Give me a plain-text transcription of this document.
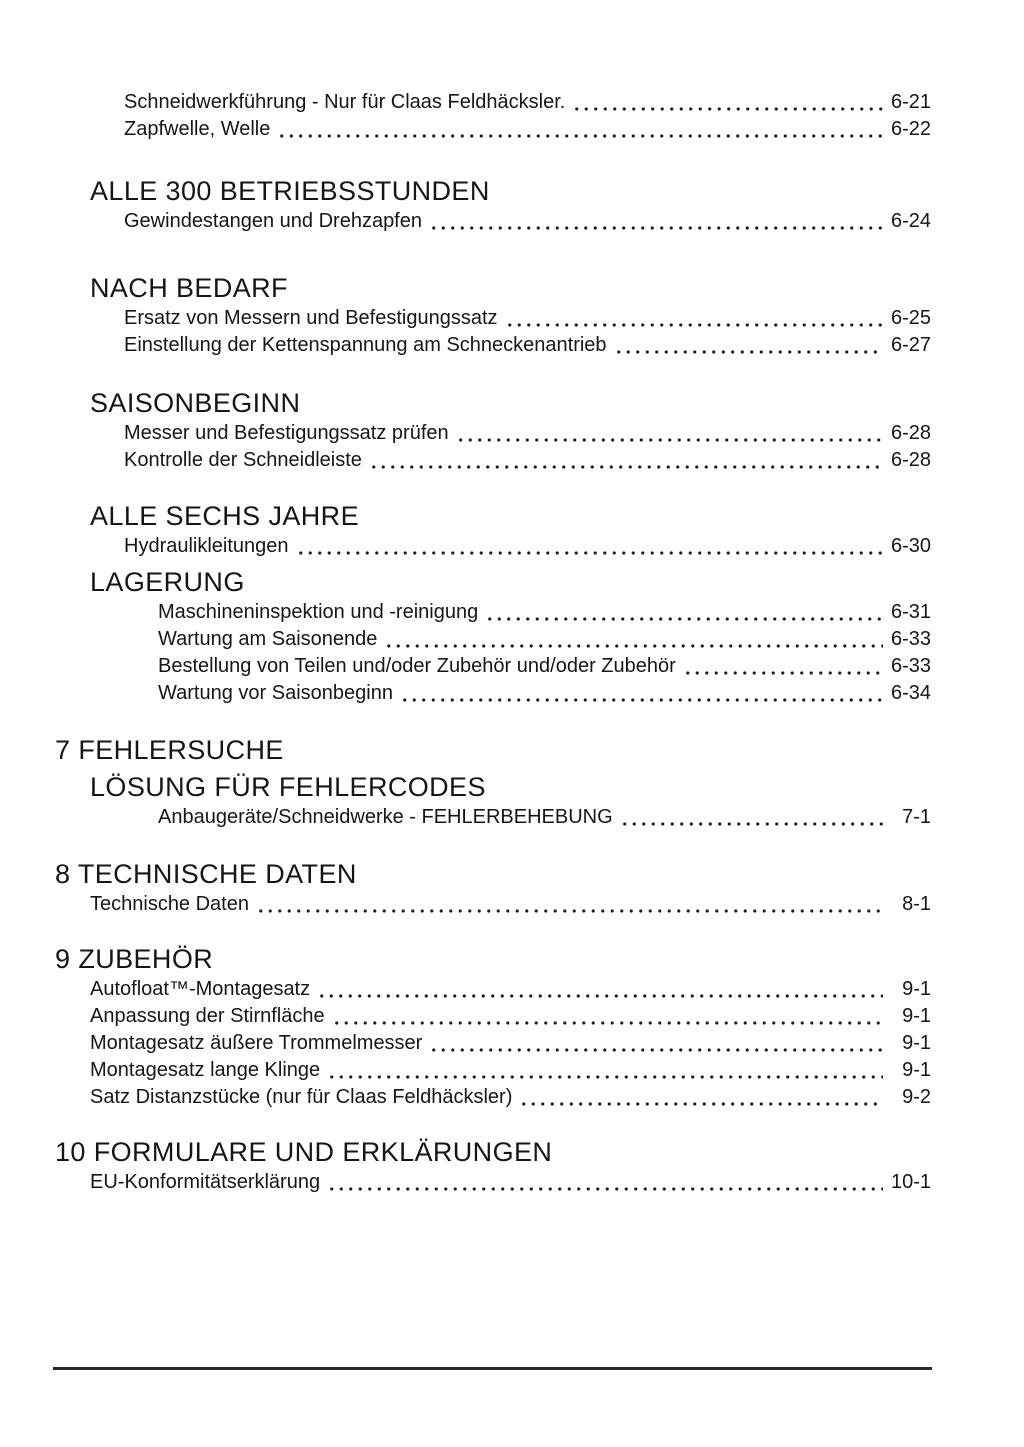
Schneidwerkführung - Nur für Claas Feldhäcksler.	6-21
Zapfwelle, Welle	6-22
ALLE 300 BETRIEBSSTUNDEN
Gewindestangen und Drehzapfen	6-24
NACH BEDARF
Ersatz von Messern und Befestigungssatz	6-25
Einstellung der Kettenspannung am Schneckenantrieb	6-27
SAISONBEGINN
Messer und Befestigungssatz prüfen	6-28
Kontrolle der Schneidleiste	6-28
ALLE SECHS JAHRE
Hydraulikleitungen	6-30
LAGERUNG
Maschineninspektion und -reinigung	6-31
Wartung am Saisonende	6-33
Bestellung von Teilen und/oder Zubehör und/oder Zubehör	6-33
Wartung vor Saisonbeginn	6-34
7 FEHLERSUCHE
LÖSUNG FÜR FEHLERCODES
Anbaugeräte/Schneidwerke - FEHLERBEHEBUNG	7-1
8 TECHNISCHE DATEN
Technische Daten	8-1
9 ZUBEHÖR
Autofloat™-Montagesatz	9-1
Anpassung der Stirnfläche	9-1
Montagesatz äußere Trommelmesser	9-1
Montagesatz lange Klinge	9-1
Satz Distanzstücke (nur für Claas Feldhäcksler)	9-2
10 FORMULARE UND ERKLÄRUNGEN
EU-Konformitätserklärung	10-1
